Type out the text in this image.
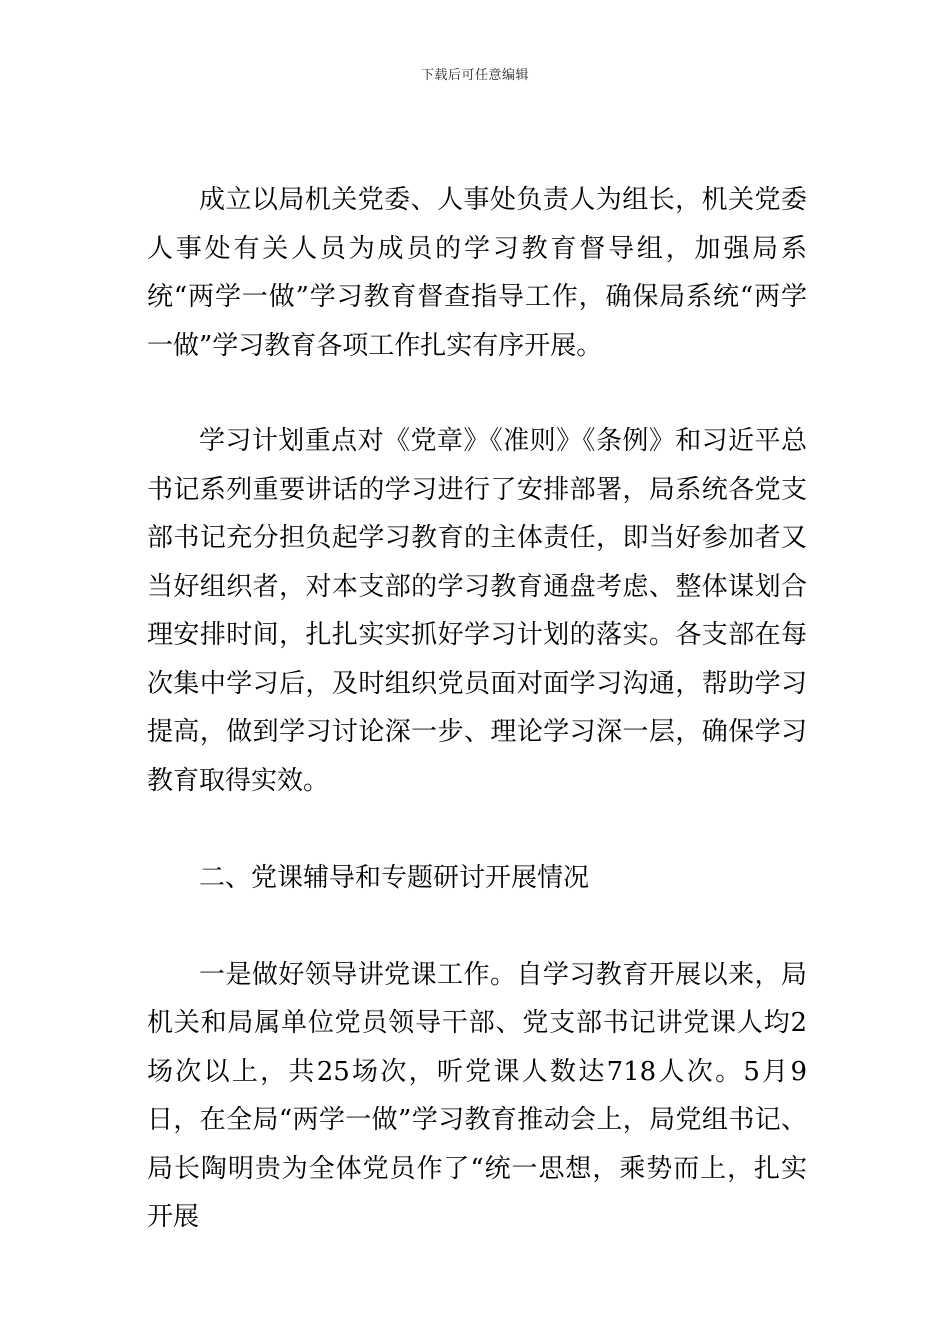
下载后可任意编辑

成立以局机关党委、人事处负责人为组长，机关党委人事处有关人员为成员的学习教育督导组，加强局系统“两学一做”学习教育督查指导工作，确保局系统“两学一做”学习教育各项工作扎实有序开展。

学习计划重点对《党章》《准则》《条例》和习近平总书记系列重要讲话的学习进行了安排部署，局系统各党支部书记充分担负起学习教育的主体责任，即当好参加者又当好组织者，对本支部的学习教育通盘考虑、整体谋划合理安排时间，扎扎实实抓好学习计划的落实。各支部在每次集中学习后，及时组织党员面对面学习沟通，帮助学习提高，做到学习讨论深一步、理论学习深一层，确保学习教育取得实效。

二、党课辅导和专题研讨开展情况

一是做好领导讲党课工作。自学习教育开展以来，局机关和局属单位党员领导干部、党支部书记讲党课人均2场次以上，共25场次，听党课人数达718人次。5月9日，在全局“两学一做”学习教育推动会上，局党组书记、局长陶明贵为全体党员作了“统一思想，乘势而上，扎实开展
